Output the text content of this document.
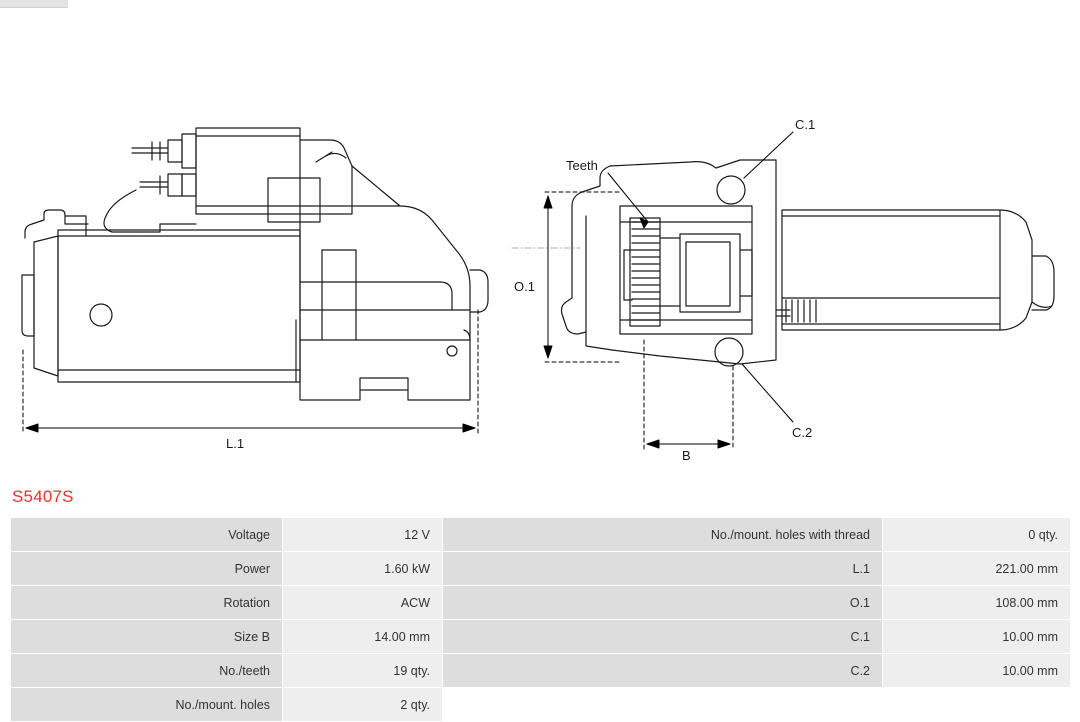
L.1
O.1
B
C.1
C.2
Teeth
S5407S
Voltage	12 V	No./mount. holes with thread	0 qty.
Power	1.60 kW	L.1	221.00 mm
Rotation	ACW	O.1	108.00 mm
Size B	14.00 mm	C.1	10.00 mm
No./teeth	19 qty.	C.2	10.00 mm
No./mount. holes	2 qty.		
